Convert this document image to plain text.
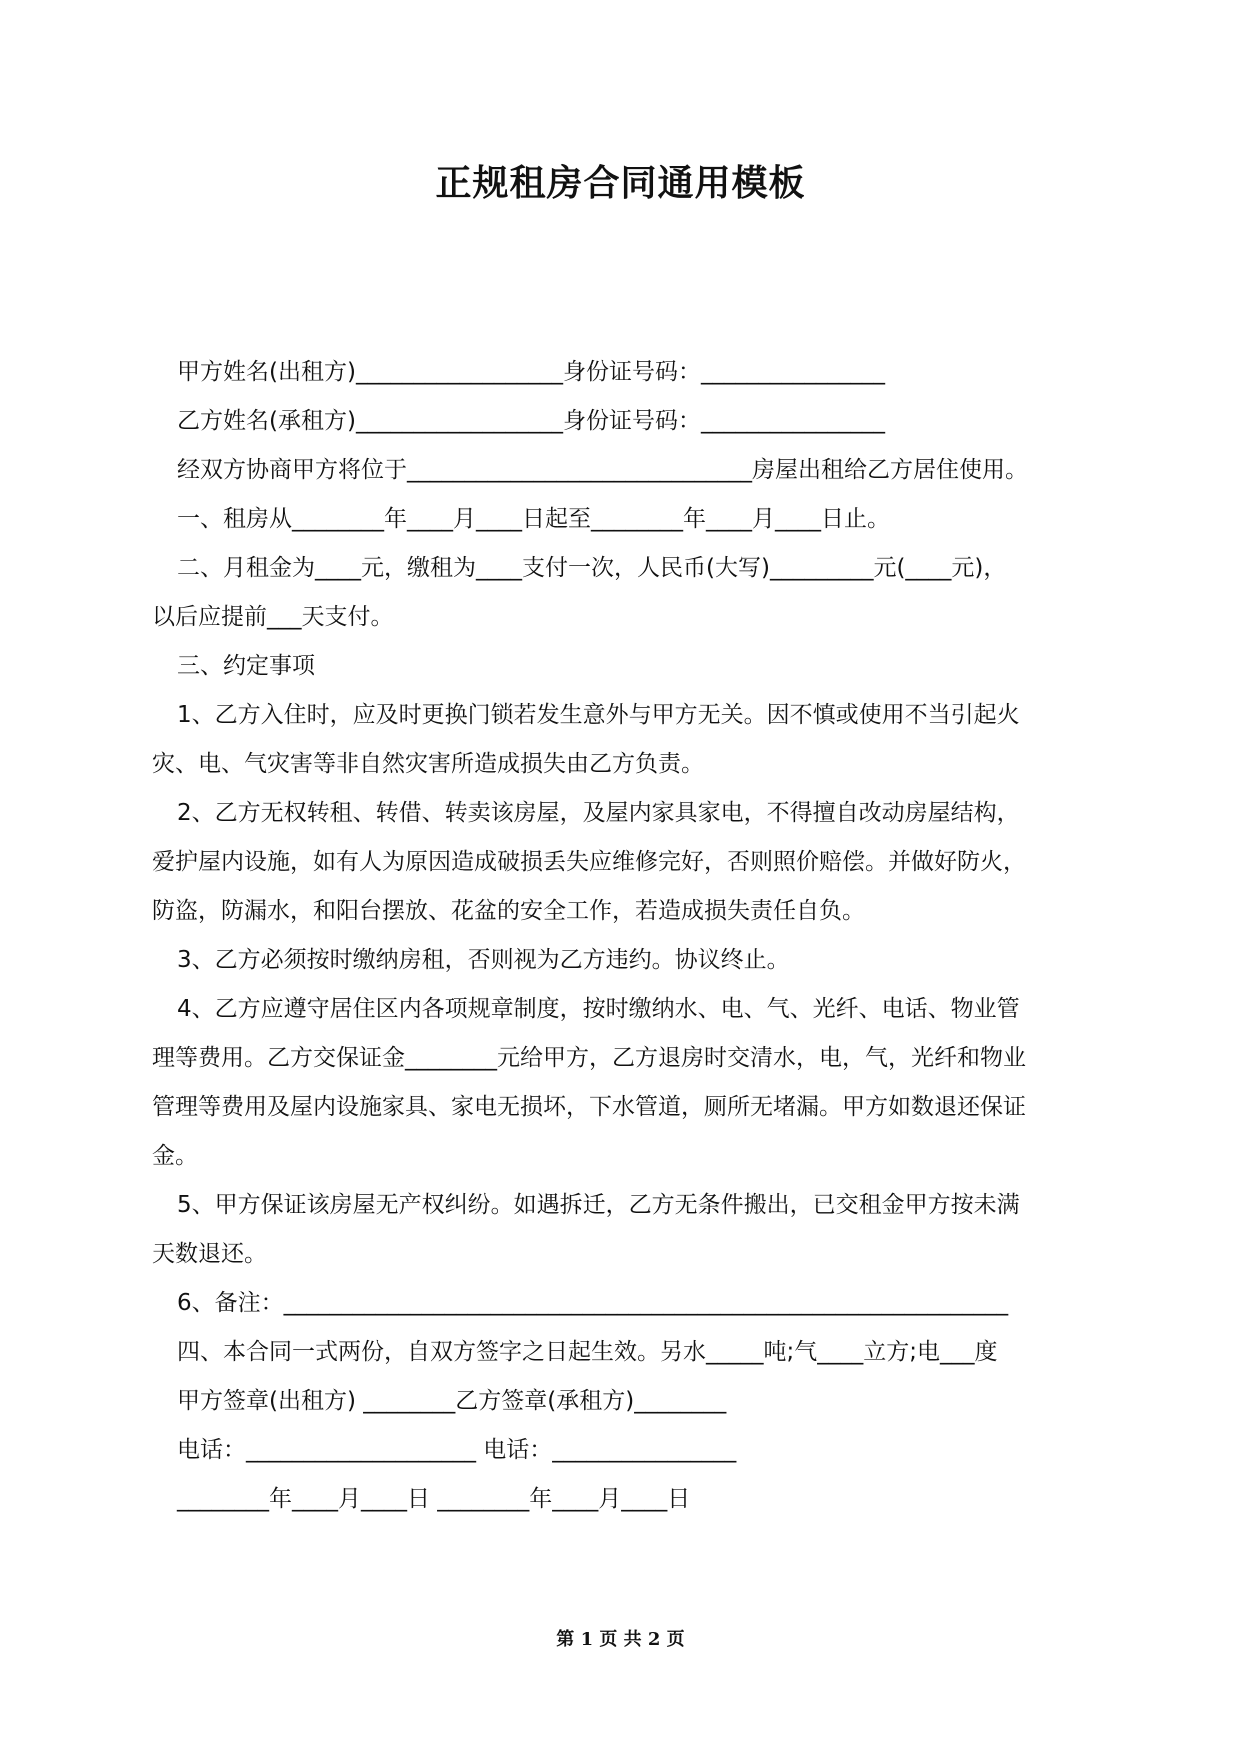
正规租房合同通用模板

甲方姓名(出租方)__________________身份证号码：________________

乙方姓名(承租方)__________________身份证号码：________________

经双方协商甲方将位于______________________________房屋出租给乙方居住使用。

一、租房从________年____月____日起至________年____月____日止。

二、月租金为____元，缴租为____支付一次，人民币(大写)_________元(____元)，

以后应提前___天支付。

三、约定事项

1、乙方入住时，应及时更换门锁若发生意外与甲方无关。因不慎或使用不当引起火

灾、电、气灾害等非自然灾害所造成损失由乙方负责。

2、乙方无权转租、转借、转卖该房屋，及屋内家具家电，不得擅自改动房屋结构，

爱护屋内设施，如有人为原因造成破损丢失应维修完好，否则照价赔偿。并做好防火，

防盗，防漏水，和阳台摆放、花盆的安全工作，若造成损失责任自负。

3、乙方必须按时缴纳房租，否则视为乙方违约。协议终止。

4、乙方应遵守居住区内各项规章制度，按时缴纳水、电、气、光纤、电话、物业管

理等费用。乙方交保证金________元给甲方，乙方退房时交清水，电，气，光纤和物业

管理等费用及屋内设施家具、家电无损坏，下水管道，厕所无堵漏。甲方如数退还保证

金。

5、甲方保证该房屋无产权纠纷。如遇拆迁，乙方无条件搬出，已交租金甲方按未满

天数退还。

6、备注：_______________________________________________________________

四、本合同一式两份，自双方签字之日起生效。另水_____吨;气____立方;电___度

甲方签章(出租方) ________乙方签章(承租方)________

电话：____________________ 电话：________________

________年____月____日 ________年____月____日

第 1 页 共 2 页
